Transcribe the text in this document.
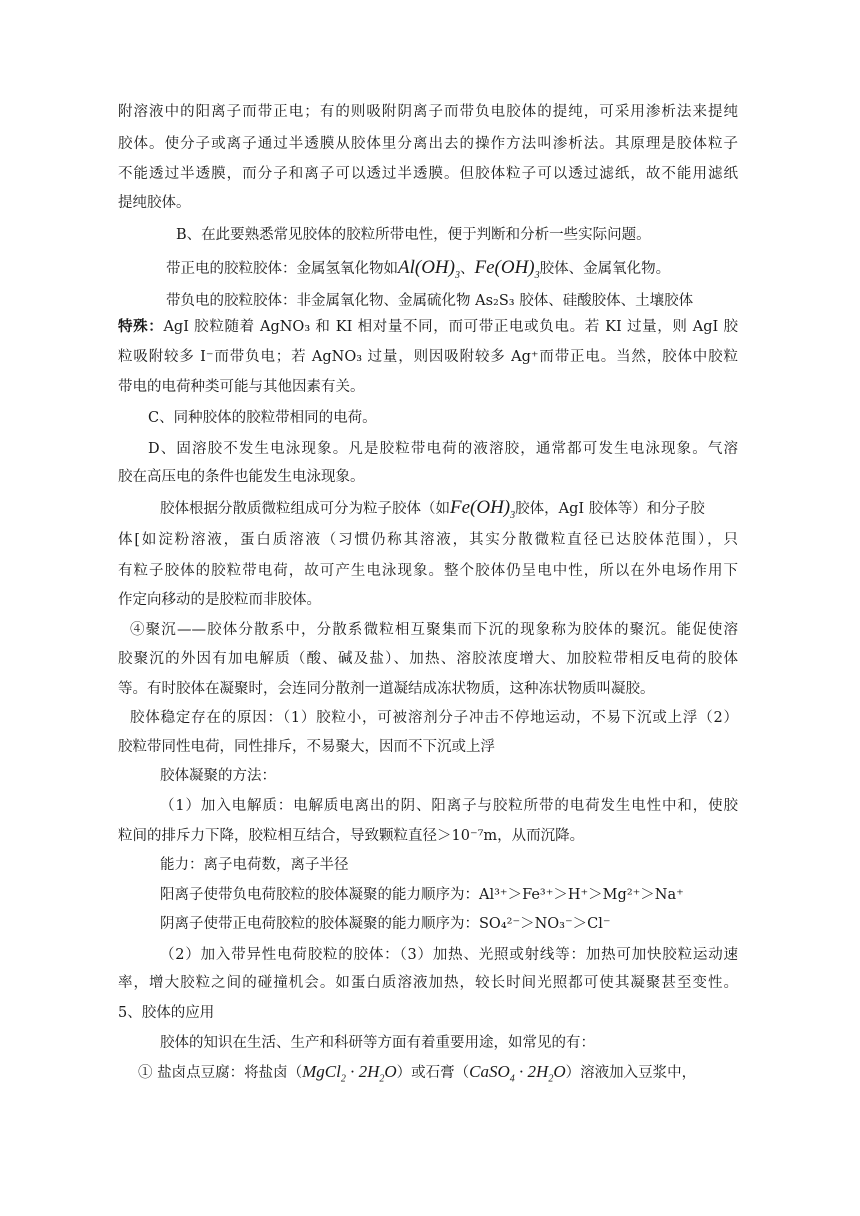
附溶液中的阳离子而带正电；有的则吸附阴离子而带负电胶体的提纯，可采用渗析法来提纯
胶体。使分子或离子通过半透膜从胶体里分离出去的操作方法叫渗析法。其原理是胶体粒子
不能透过半透膜，而分子和离子可以透过半透膜。但胶体粒子可以透过滤纸，故不能用滤纸
提纯胶体。
B、在此要熟悉常见胶体的胶粒所带电性，便于判断和分析一些实际问题。
带正电的胶粒胶体：金属氢氧化物如$Al(OH)_3$、$Fe(OH)_3$胶体、金属氧化物。
带负电的胶粒胶体：非金属氧化物、金属硫化物 As₂S₃ 胶体、硅酸胶体、土壤胶体
特殊：AgI 胶粒随着 AgNO₃ 和 KI 相对量不同，而可带正电或负电。若 KI 过量，则 AgI 胶
粒吸附较多 I⁻而带负电；若 AgNO₃ 过量，则因吸附较多 Ag⁺而带正电。当然，胶体中胶粒
带电的电荷种类可能与其他因素有关。
C、同种胶体的胶粒带相同的电荷。
D、固溶胶不发生电泳现象。凡是胶粒带电荷的液溶胶，通常都可发生电泳现象。气溶
胶在高压电的条件也能发生电泳现象。
胶体根据分散质微粒组成可分为粒子胶体（如$Fe(OH)_3$胶体，AgI 胶体等）和分子胶
体[如淀粉溶液，蛋白质溶液（习惯仍称其溶液，其实分散微粒直径已达胶体范围），只
有粒子胶体的胶粒带电荷，故可产生电泳现象。整个胶体仍呈电中性，所以在外电场作用下
作定向移动的是胶粒而非胶体。
④聚沉——胶体分散系中，分散系微粒相互聚集而下沉的现象称为胶体的聚沉。能促使溶
胶聚沉的外因有加电解质（酸、碱及盐）、加热、溶胶浓度增大、加胶粒带相反电荷的胶体
等。有时胶体在凝聚时，会连同分散剂一道凝结成冻状物质，这种冻状物质叫凝胶。
胶体稳定存在的原因：（1）胶粒小，可被溶剂分子冲击不停地运动，不易下沉或上浮（2）
胶粒带同性电荷，同性排斥，不易聚大，因而不下沉或上浮
胶体凝聚的方法：
（1）加入电解质：电解质电离出的阴、阳离子与胶粒所带的电荷发生电性中和，使胶
粒间的排斥力下降，胶粒相互结合，导致颗粒直径＞10⁻⁷m，从而沉降。
能力：离子电荷数，离子半径
阳离子使带负电荷胶粒的胶体凝聚的能力顺序为：Al³⁺＞Fe³⁺＞H⁺＞Mg²⁺＞Na⁺
阴离子使带正电荷胶粒的胶体凝聚的能力顺序为：SO₄²⁻＞NO₃⁻＞Cl⁻
（2）加入带异性电荷胶粒的胶体：（3）加热、光照或射线等：加热可加快胶粒运动速
率，增大胶粒之间的碰撞机会。如蛋白质溶液加热，较长时间光照都可使其凝聚甚至变性。
5、胶体的应用
胶体的知识在生活、生产和科研等方面有着重要用途，如常见的有：
① 盐卤点豆腐：将盐卤（MgCl$_2$ · $2H_2O$）或石膏（CaSO$_4$ · $2H_2O$）溶液加入豆浆中，
